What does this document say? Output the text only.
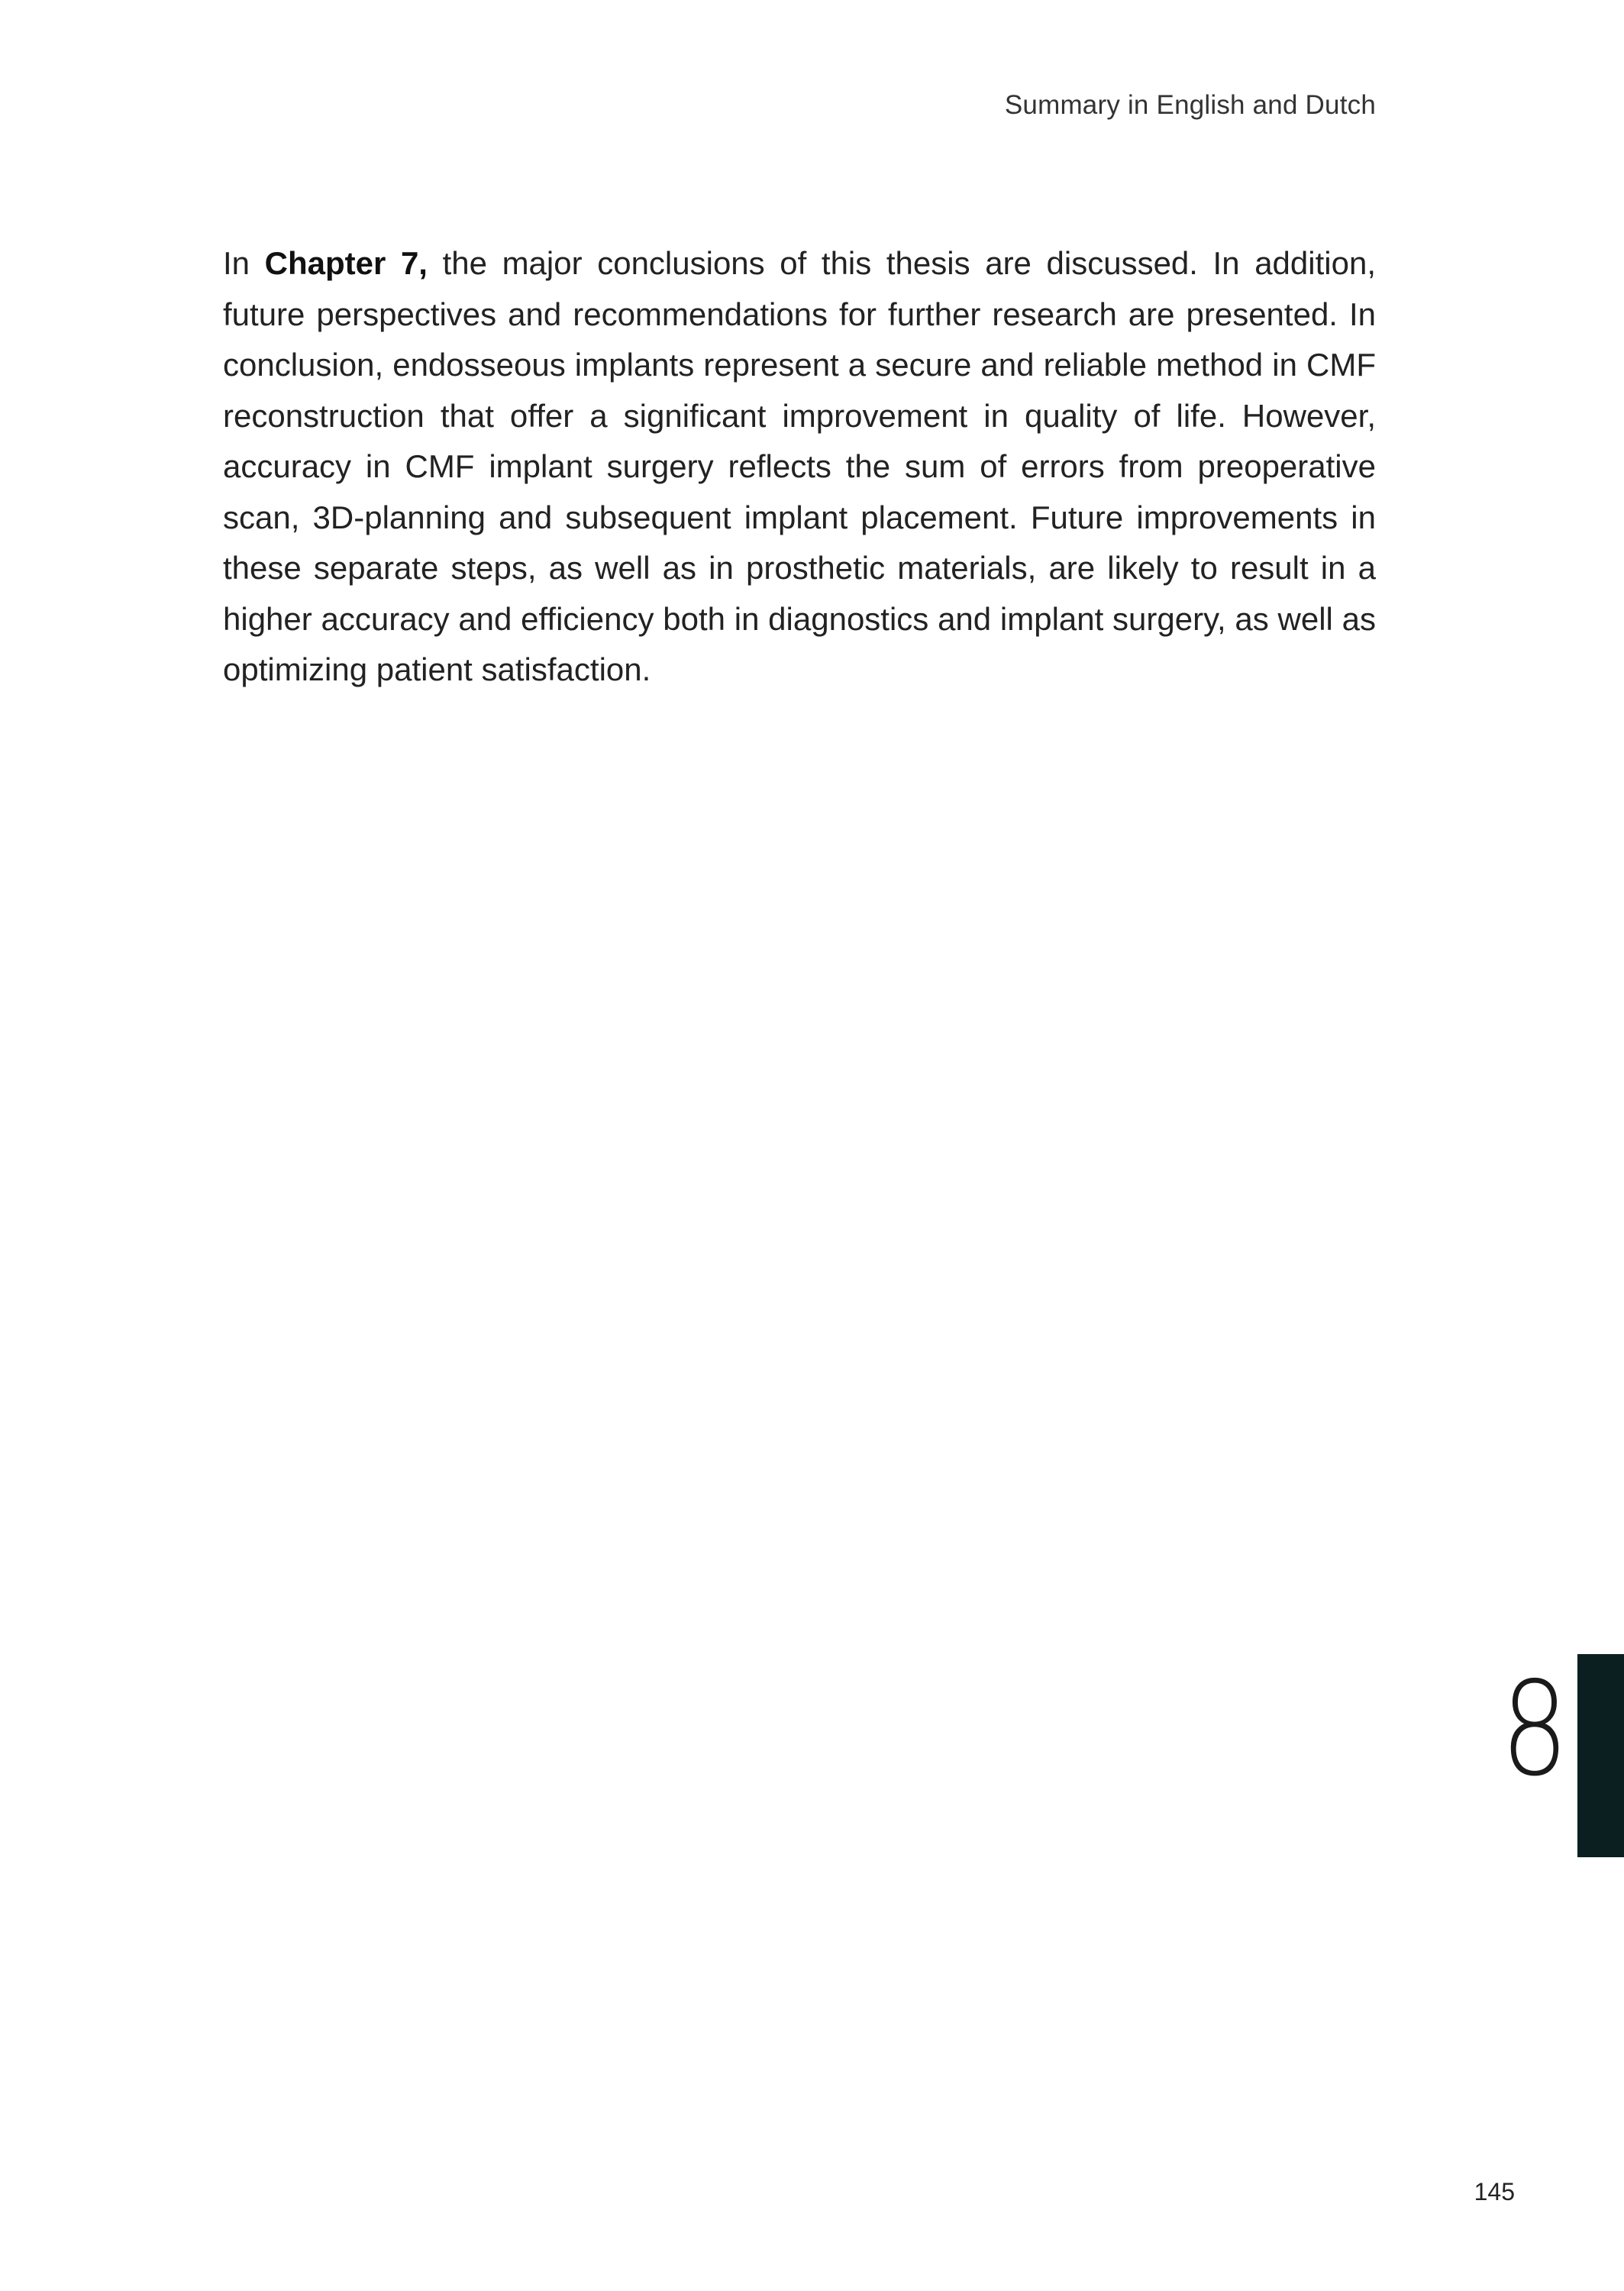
Summary in English and Dutch

In Chapter 7, the major conclusions of this thesis are discussed. In addition, future perspectives and recommendations for further research are presented. In conclusion, endosseous implants represent a secure and reliable method in CMF reconstruction that offer a significant improvement in quality of life. However, accuracy in CMF implant surgery reflects the sum of errors from preoperative scan, 3D-planning and subsequent implant placement. Future improvements in these separate steps, as well as in prosthetic materials, are likely to result in a higher accuracy and efficiency both in diagnostics and implant surgery, as well as optimizing patient satisfaction.

8
145
